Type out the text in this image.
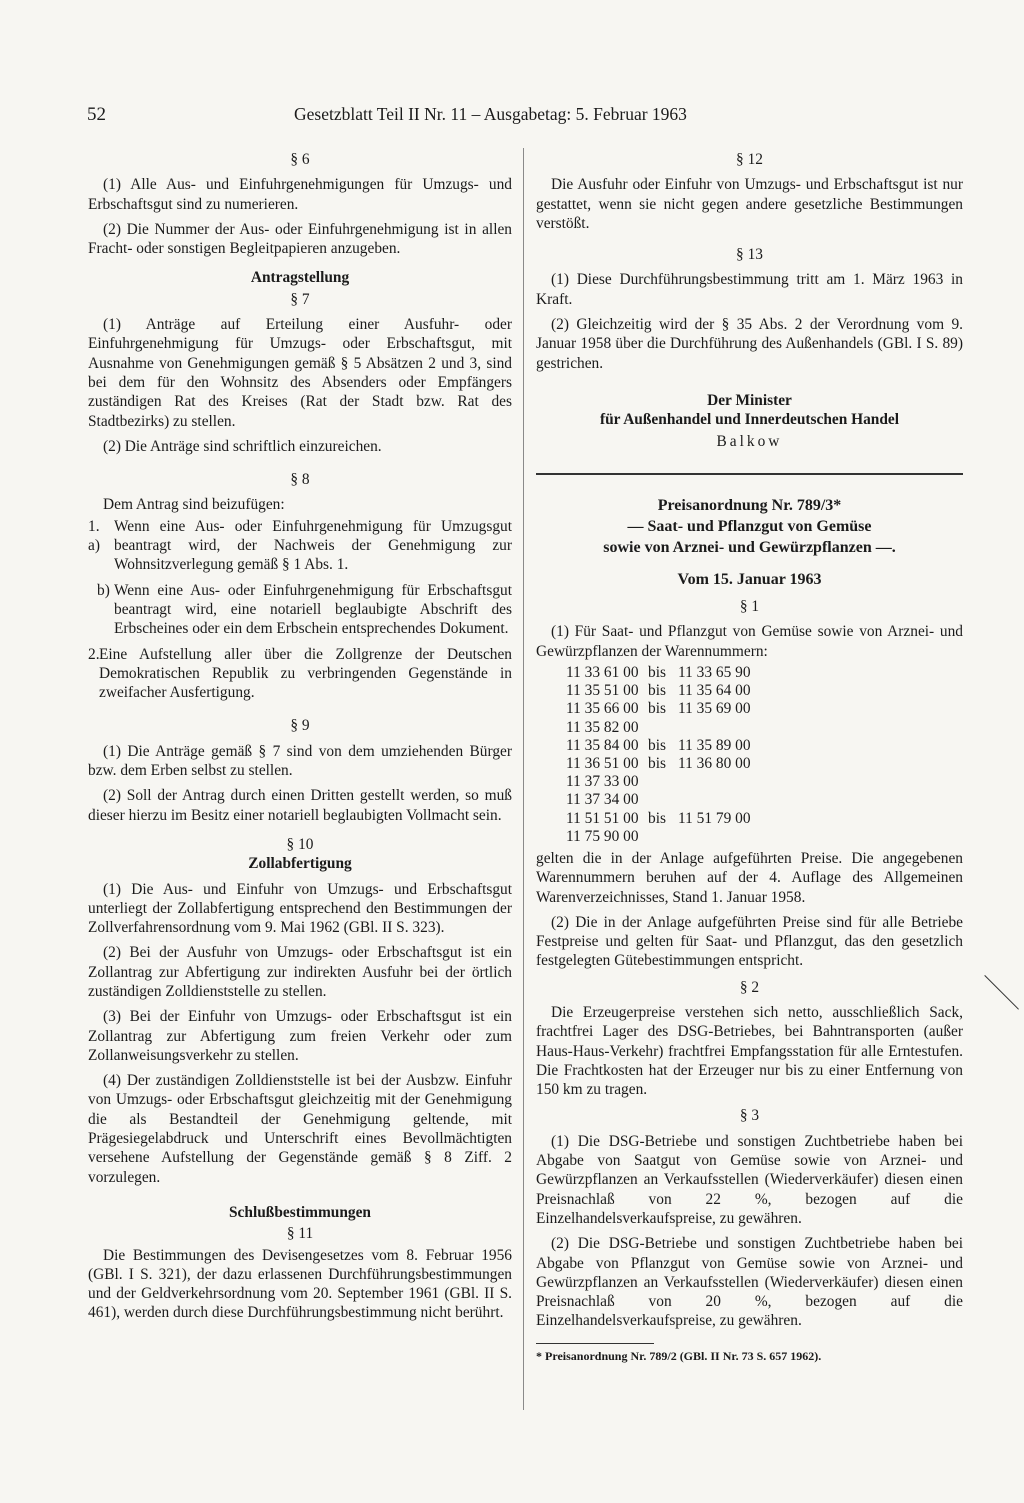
52	Gesetzblatt Teil II Nr. 11 – Ausgabetag: 5. Februar 1963
§ 6

(1) Alle Aus- und Einfuhrgenehmigungen für Umzugs- und Erbschaftsgut sind zu numerieren.

(2) Die Nummer der Aus- oder Einfuhrgenehmigung ist in allen Fracht- oder sonstigen Begleitpapieren anzugeben.

Antragstellung
§ 7

(1) Anträge auf Erteilung einer Ausfuhr- oder Einfuhrgenehmigung für Umzugs- oder Erbschaftsgut, mit Ausnahme von Genehmigungen gemäß § 5 Absätzen 2 und 3, sind bei dem für den Wohnsitz des Absenders oder Empfängers zuständigen Rat des Kreises (Rat der Stadt bzw. Rat des Stadtbezirks) zu stellen.

(2) Die Anträge sind schriftlich einzureichen.

§ 8

Dem Antrag sind beizufügen:

1. a)
Wenn eine Aus- oder Einfuhrgenehmigung für Umzugsgut beantragt wird, der Nachweis der Genehmigung zur Wohnsitzverlegung gemäß § 1 Abs. 1.
b) Wenn eine Aus- oder Einfuhrgenehmigung für Erbschaftsgut beantragt wird, eine notariell beglaubigte Abschrift des Erbscheines oder ein dem Erbschein entsprechendes Dokument.
2. Eine Aufstellung aller über die Zollgrenze der Deutschen Demokratischen Republik zu verbringenden Gegenstände in zweifacher Ausfertigung.
§ 9

(1) Die Anträge gemäß § 7 sind von dem umziehenden Bürger bzw. dem Erben selbst zu stellen.

(2) Soll der Antrag durch einen Dritten gestellt werden, so muß dieser hierzu im Besitz einer notariell beglaubigten Vollmacht sein.

§ 10
Zollabfertigung

(1) Die Aus- und Einfuhr von Umzugs- und Erbschaftsgut unterliegt der Zollabfertigung entsprechend den Bestimmungen der Zollverfahrensordnung vom 9. Mai 1962 (GBl. II S. 323).

(2) Bei der Ausfuhr von Umzugs- oder Erbschaftsgut ist ein Zollantrag zur Abfertigung zur indirekten Ausfuhr bei der örtlich zuständigen Zolldienststelle zu stellen.

(3) Bei der Einfuhr von Umzugs- oder Erbschaftsgut ist ein Zollantrag zur Abfertigung zum freien Verkehr oder zum Zollanweisungsverkehr zu stellen.

(4) Der zuständigen Zolldienststelle ist bei der Ausbzw. Einfuhr von Umzugs- oder Erbschaftsgut gleichzeitig mit der Genehmigung die als Bestandteil der Genehmigung geltende, mit Prägesiegelabdruck und Unterschrift eines Bevollmächtigten versehene Aufstellung der Gegenstände gemäß § 8 Ziff. 2 vorzulegen.

Schlußbestimmungen
§ 11

Die Bestimmungen des Devisengesetzes vom 8. Februar 1956 (GBl. I S. 321), der dazu erlassenen Durchführungsbestimmungen und der Geldverkehrsordnung vom 20. September 1961 (GBl. II S. 461), werden durch diese Durchführungsbestimmung nicht berührt.

§ 12

Die Ausfuhr oder Einfuhr von Umzugs- und Erbschaftsgut ist nur gestattet, wenn sie nicht gegen andere gesetzliche Bestimmungen verstößt.

§ 13

(1) Diese Durchführungsbestimmung tritt am 1. März 1963 in Kraft.

(2) Gleichzeitig wird der § 35 Abs. 2 der Verordnung vom 9. Januar 1958 über die Durchführung des Außenhandels (GBl. I S. 89) gestrichen.

Der Minister
für Außenhandel und Innerdeutschen Handel
Balkow
Preisanordnung Nr. 789/3*
— Saat- und Pflanzgut von Gemüse
sowie von Arznei- und Gewürzpflanzen —.
Vom 15. Januar 1963
§ 1

(1) Für Saat- und Pflanzgut von Gemüse sowie von Arznei- und Gewürzpflanzen der Warennummern:

11 33 61 00 bis 11 33 65 90
11 35 51 00 bis 11 35 64 00
11 35 66 00 bis 11 35 69 00
11 35 82 00
11 35 84 00 bis 11 35 89 00
11 36 51 00 bis 11 36 80 00
11 37 33 00
11 37 34 00
11 51 51 00 bis 11 51 79 00
11 75 90 00

gelten die in der Anlage aufgeführten Preise. Die angegebenen Warennummern beruhen auf der 4. Auflage des Allgemeinen Warenverzeichnisses, Stand 1. Januar 1958.

(2) Die in der Anlage aufgeführten Preise sind für alle Betriebe Festpreise und gelten für Saat- und Pflanzgut, das den gesetzlich festgelegten Gütebestimmungen entspricht.

§ 2

Die Erzeugerpreise verstehen sich netto, ausschließlich Sack, frachtfrei Lager des DSG-Betriebes, bei Bahntransporten (außer Haus-Haus-Verkehr) frachtfrei Empfangsstation für alle Erntestufen. Die Frachtkosten hat der Erzeuger nur bis zu einer Entfernung von 150 km zu tragen.

§ 3

(1) Die DSG-Betriebe und sonstigen Zuchtbetriebe haben bei Abgabe von Saatgut von Gemüse sowie von Arznei- und Gewürzpflanzen an Verkaufsstellen (Wiederverkäufer) diesen einen Preisnachlaß von 22 %, bezogen auf die Einzelhandelsverkaufspreise, zu gewähren.

(2) Die DSG-Betriebe und sonstigen Zuchtbetriebe haben bei Abgabe von Pflanzgut von Gemüse sowie von Arznei- und Gewürzpflanzen an Verkaufsstellen (Wiederverkäufer) diesen einen Preisnachlaß von 20 %, bezogen auf die Einzelhandelsverkaufspreise, zu gewähren.

* Preisanordnung Nr. 789/2 (GBl. II Nr. 73 S. 657 1962).
